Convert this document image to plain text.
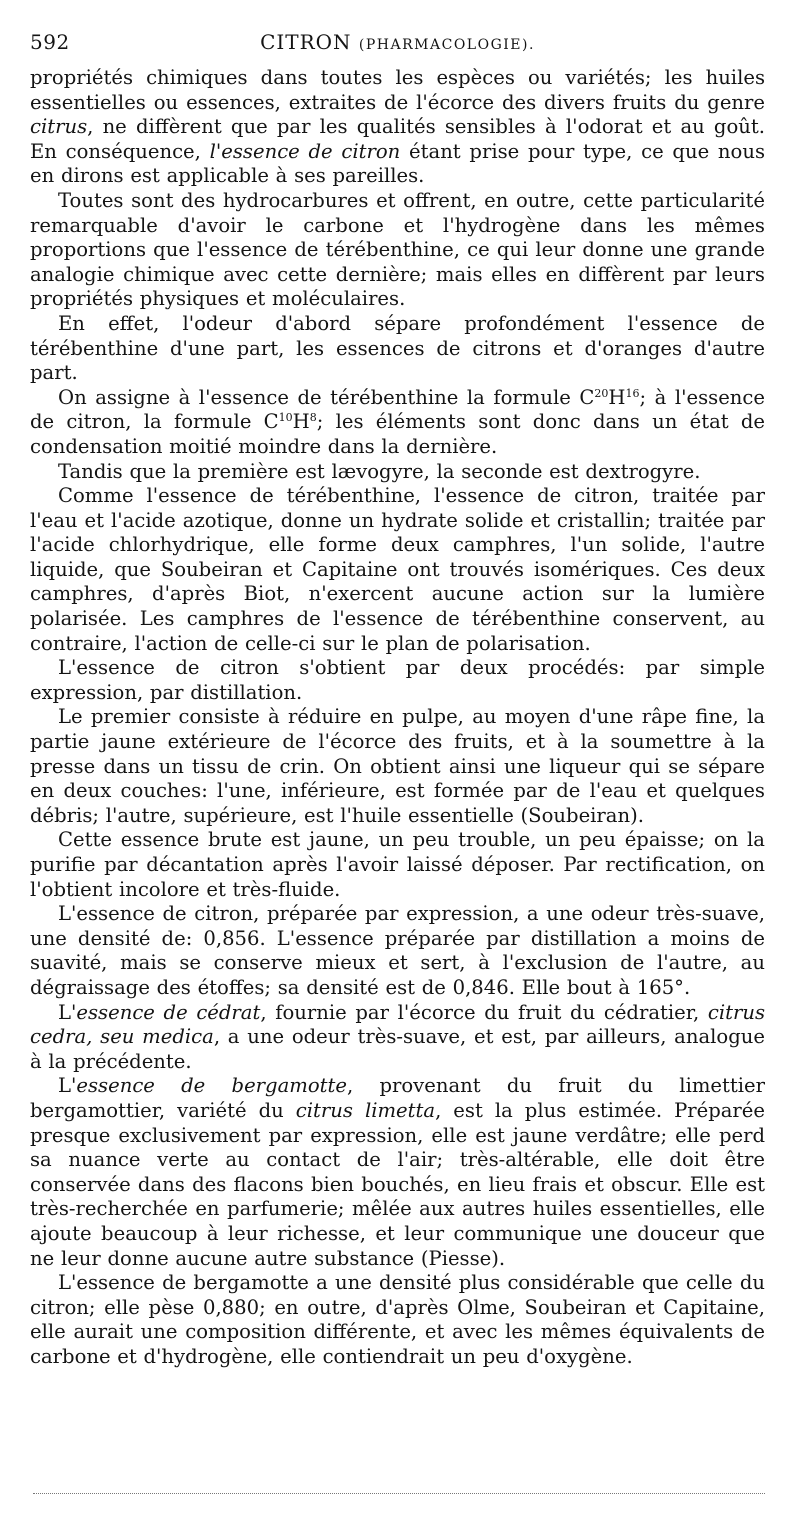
592	CITRON (PHARMACOLOGIE).

propriétés chimiques dans toutes les espèces ou variétés; les huiles essentielles ou essences, extraites de l'écorce des divers fruits du genre citrus, ne diffèrent que par les qualités sensibles à l'odorat et au goût. En conséquence, l'essence de citron étant prise pour type, ce que nous en dirons est applicable à ses pareilles.

Toutes sont des hydrocarbures et offrent, en outre, cette particularité remarquable d'avoir le carbone et l'hydrogène dans les mêmes proportions que l'essence de térébenthine, ce qui leur donne une grande analogie chimique avec cette dernière; mais elles en diffèrent par leurs propriétés physiques et moléculaires.

En effet, l'odeur d'abord sépare profondément l'essence de térébenthine d'une part, les essences de citrons et d'oranges d'autre part.

On assigne à l'essence de térébenthine la formule $C^{20}H^{16}$; à l'essence de citron, la formule $C^{10}H^8$; les éléments sont donc dans un état de condensation moitié moindre dans la dernière.

Tandis que la première est lævogyre, la seconde est dextrogyre.

Comme l'essence de térébenthine, l'essence de citron, traitée par l'eau et l'acide azotique, donne un hydrate solide et cristallin; traitée par l'acide chlorhydrique, elle forme deux camphres, l'un solide, l'autre liquide, que Soubeiran et Capitaine ont trouvés isomériques. Ces deux camphres, d'après Biot, n'exercent aucune action sur la lumière polarisée. Les camphres de l'essence de térébenthine conservent, au contraire, l'action de celle-ci sur le plan de polarisation.

L'essence de citron s'obtient par deux procédés: par simple expression, par distillation.

Le premier consiste à réduire en pulpe, au moyen d'une râpe fine, la partie jaune extérieure de l'écorce des fruits, et à la soumettre à la presse dans un tissu de crin. On obtient ainsi une liqueur qui se sépare en deux couches: l'une, inférieure, est formée par de l'eau et quelques débris; l'autre, supérieure, est l'huile essentielle (Soubeiran).

Cette essence brute est jaune, un peu trouble, un peu épaisse; on la purifie par décantation après l'avoir laissé déposer. Par rectification, on l'obtient incolore et très-fluide.

L'essence de citron, préparée par expression, a une odeur très-suave, une densité de: 0,856. L'essence préparée par distillation a moins de suavité, mais se conserve mieux et sert, à l'exclusion de l'autre, au dégraissage des étoffes; sa densité est de 0,846. Elle bout à 165°.

L'essence de cédrat, fournie par l'écorce du fruit du cédratier, citrus cedra, seu medica, a une odeur très-suave, et est, par ailleurs, analogue à la précédente.

L'essence de bergamotte, provenant du fruit du limettier bergamottier, variété du citrus limetta, est la plus estimée. Préparée presque exclusivement par expression, elle est jaune verdâtre; elle perd sa nuance verte au contact de l'air; très-altérable, elle doit être conservée dans des flacons bien bouchés, en lieu frais et obscur. Elle est très-recherchée en parfumerie; mêlée aux autres huiles essentielles, elle ajoute beaucoup à leur richesse, et leur communique une douceur que ne leur donne aucune autre substance (Piesse).

L'essence de bergamotte a une densité plus considérable que celle du citron; elle pèse 0,880; en outre, d'après Olme, Soubeiran et Capitaine, elle aurait une composition différente, et avec les mêmes équivalents de carbone et d'hydrogène, elle contiendrait un peu d'oxygène.
